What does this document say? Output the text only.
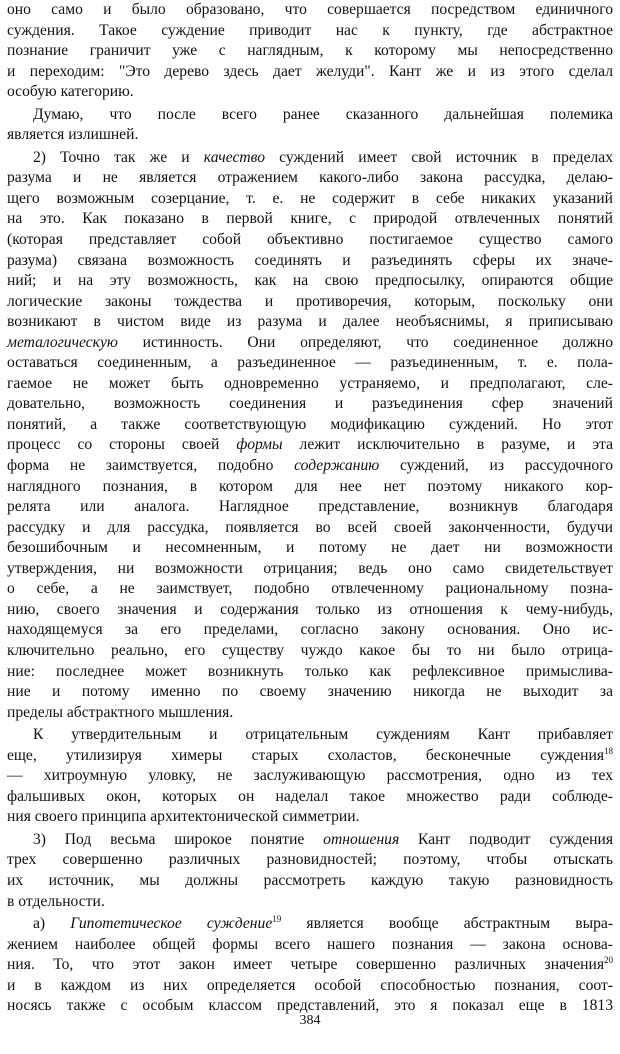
оно само и было образовано, что совершается посредством единичного
суждения. Такое суждение приводит нас к пункту, где абстрактное
познание граничит уже с наглядным, к которому мы непосредственно
и переходим: "Это дерево здесь дает желуди". Кант же и из этого сделал
особую категорию.
Думаю, что после всего ранее сказанного дальнейшая полемика
является излишней.
2) Точно так же и качество суждений имеет свой источник в пределах
разума и не является отражением какого-либо закона рассудка, делаю-
щего возможным созерцание, т. е. не содержит в себе никаких указаний
на это. Как показано в первой книге, с природой отвлеченных понятий
(которая представляет собой объективно постигаемое существо самого
разума) связана возможность соединять и разъединять сферы их значе-
ний; и на эту возможность, как на свою предпосылку, опираются общие
логические законы тождества и противоречия, которым, поскольку они
возникают в чистом виде из разума и далее необъяснимы, я приписываю
металогическую истинность. Они определяют, что соединенное должно
оставаться соединенным, а разъединенное — разъединенным, т. е. пола-
гаемое не может быть одновременно устраняемо, и предполагают, сле-
довательно, возможность соединения и разъединения сфер значений
понятий, а также соответствующую модификацию суждений. Но этот
процесс со стороны своей формы лежит исключительно в разуме, и эта
форма не заимствуется, подобно содержанию суждений, из рассудочного
наглядного познания, в котором для нее нет поэтому никакого кор-
релята или аналога. Наглядное представление, возникнув благодаря
рассудку и для рассудка, появляется во всей своей законченности, будучи
безошибочным и несомненным, и потому не дает ни возможности
утверждения, ни возможности отрицания; ведь оно само свидетельствует
о себе, а не заимствует, подобно отвлеченному рациональному позна-
нию, своего значения и содержания только из отношения к чему-нибудь,
находящемуся за его пределами, согласно закону основания. Оно ис-
ключительно реально, его существу чуждо какое бы то ни было отрица-
ние: последнее может возникнуть только как рефлексивное примыслива-
ние и потому именно по своему значению никогда не выходит за
пределы абстрактного мышления.
К утвердительным и отрицательным суждениям Кант прибавляет
еще, утилизируя химеры старых схоластов, бесконечные суждения$^{18}$
— хитроумную уловку, не заслуживающую рассмотрения, одно из тех
фальшивых окон, которых он наделал такое множество ради соблюде-
ния своего принципа архитектонической симметрии.
3) Под весьма широкое понятие отношения Кант подводит суждения
трех совершенно различных разновидностей; поэтому, чтобы отыскать
их источник, мы должны рассмотреть каждую такую разновидность
в отдельности.
а) Гипотетическое суждение$^{19}$ является вообще абстрактным выра-
жением наиболее общей формы всего нашего познания — закона основа-
ния. То, что этот закон имеет четыре совершенно различных значения$^{20}$
и в каждом из них определяется особой способностью познания, соот-
носясь также с особым классом представлений, это я показал еще в 1813
384
